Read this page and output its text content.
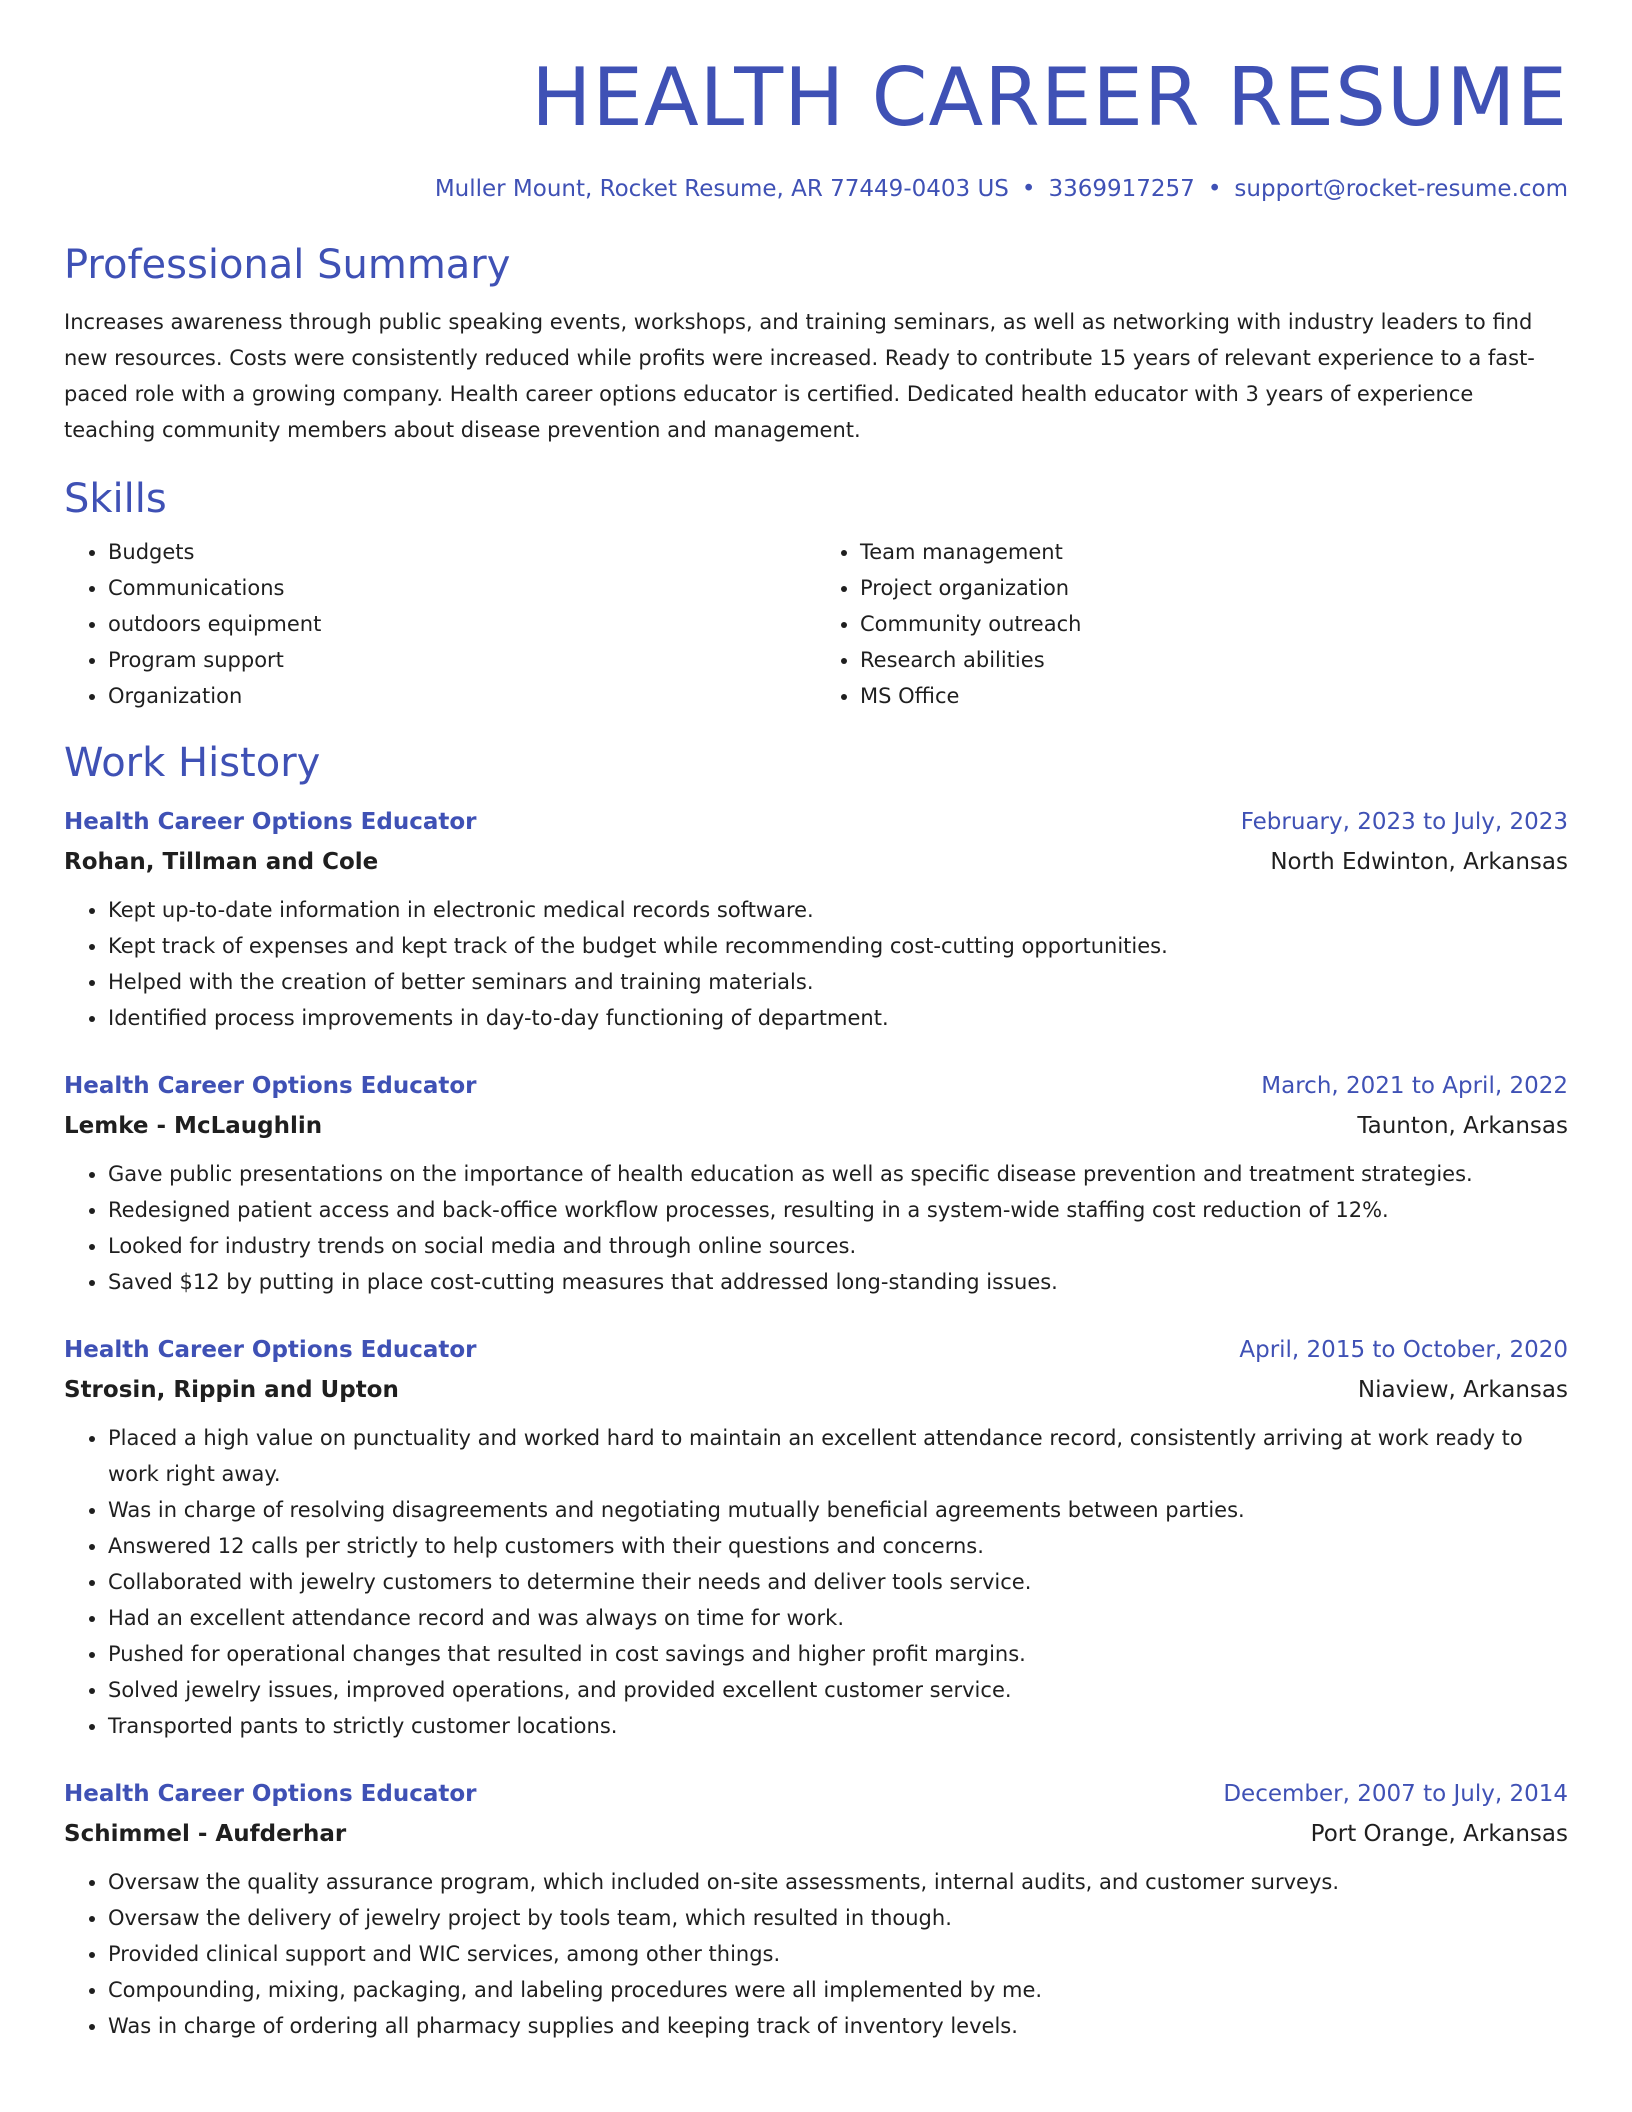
HEALTH CAREER RESUME
Muller Mount, Rocket Resume, AR 77449-0403 US • 3369917257 • support@rocket-resume.com
Professional Summary

Increases awareness through public speaking events, workshops, and training seminars, as well as networking with industry leaders to find new resources. Costs were consistently reduced while profits were increased. Ready to contribute 15 years of relevant experience to a fast-paced role with a growing company. Health career options educator is certified. Dedicated health educator with 3 years of experience teaching community members about disease prevention and management.

Skills
• Budgets
• Communications
• outdoors equipment
• Program support
• Organization
• Team management
• Project organization
• Community outreach
• Research abilities
• MS Office
Work History
Health Career Options Educator	February, 2023 to July, 2023
Rohan, Tillman and Cole	North Edwinton, Arkansas
• Kept up-to-date information in electronic medical records software.
• Kept track of expenses and kept track of the budget while recommending cost-cutting opportunities.
• Helped with the creation of better seminars and training materials.
• Identified process improvements in day-to-day functioning of department.
Health Career Options Educator	March, 2021 to April, 2022
Lemke - McLaughlin	Taunton, Arkansas
• Gave public presentations on the importance of health education as well as specific disease prevention and treatment strategies.
• Redesigned patient access and back-office workflow processes, resulting in a system-wide staffing cost reduction of 12%.
• Looked for industry trends on social media and through online sources.
• Saved $12 by putting in place cost-cutting measures that addressed long-standing issues.
Health Career Options Educator	April, 2015 to October, 2020
Strosin, Rippin and Upton	Niaview, Arkansas
• Placed a high value on punctuality and worked hard to maintain an excellent attendance record, consistently arriving at work ready to work right away.
• Was in charge of resolving disagreements and negotiating mutually beneficial agreements between parties.
• Answered 12 calls per strictly to help customers with their questions and concerns.
• Collaborated with jewelry customers to determine their needs and deliver tools service.
• Had an excellent attendance record and was always on time for work.
• Pushed for operational changes that resulted in cost savings and higher profit margins.
• Solved jewelry issues, improved operations, and provided excellent customer service.
• Transported pants to strictly customer locations.
Health Career Options Educator	December, 2007 to July, 2014
Schimmel - Aufderhar	Port Orange, Arkansas
• Oversaw the quality assurance program, which included on-site assessments, internal audits, and customer surveys.
• Oversaw the delivery of jewelry project by tools team, which resulted in though.
• Provided clinical support and WIC services, among other things.
• Compounding, mixing, packaging, and labeling procedures were all implemented by me.
• Was in charge of ordering all pharmacy supplies and keeping track of inventory levels.
